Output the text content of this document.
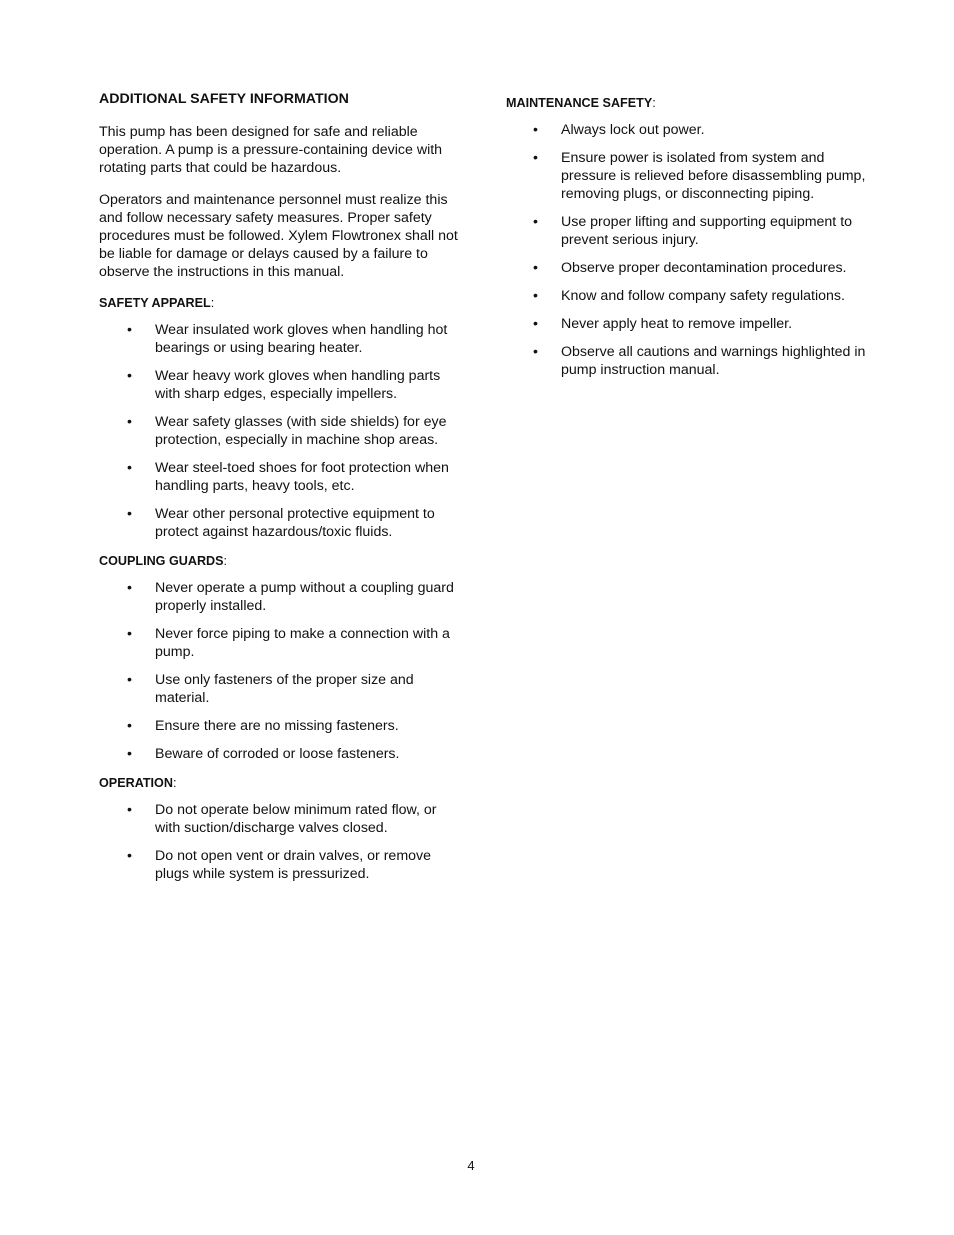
ADDITIONAL SAFETY INFORMATION

This pump has been designed for safe and reliable operation. A pump is a pressure-containing device with rotating parts that could be hazardous.

Operators and maintenance personnel must realize this and follow necessary safety measures. Proper safety procedures must be followed. Xylem Flowtronex shall not be liable for damage or delays caused by a failure to observe the instructions in this manual.

SAFETY APPAREL:
• Wear insulated work gloves when handling hot bearings or using bearing heater.
• Wear heavy work gloves when handling parts with sharp edges, especially impellers.
• Wear safety glasses (with side shields) for eye protection, especially in machine shop areas.
• Wear steel-toed shoes for foot protection when handling parts, heavy tools, etc.
• Wear other personal protective equipment to protect against hazardous/toxic fluids.
COUPLING GUARDS:
• Never operate a pump without a coupling guard properly installed.
• Never force piping to make a connection with a pump.
• Use only fasteners of the proper size and material.
• Ensure there are no missing fasteners.
• Beware of corroded or loose fasteners.
OPERATION:
• Do not operate below minimum rated flow, or with suction/discharge valves closed.
• Do not open vent or drain valves, or remove plugs while system is pressurized.
MAINTENANCE SAFETY:
• Always lock out power.
• Ensure power is isolated from system and pressure is relieved before disassembling pump, removing plugs, or disconnecting piping.
• Use proper lifting and supporting equipment to prevent serious injury.
• Observe proper decontamination procedures.
• Know and follow company safety regulations.
• Never apply heat to remove impeller.
• Observe all cautions and warnings highlighted in pump instruction manual.
4
